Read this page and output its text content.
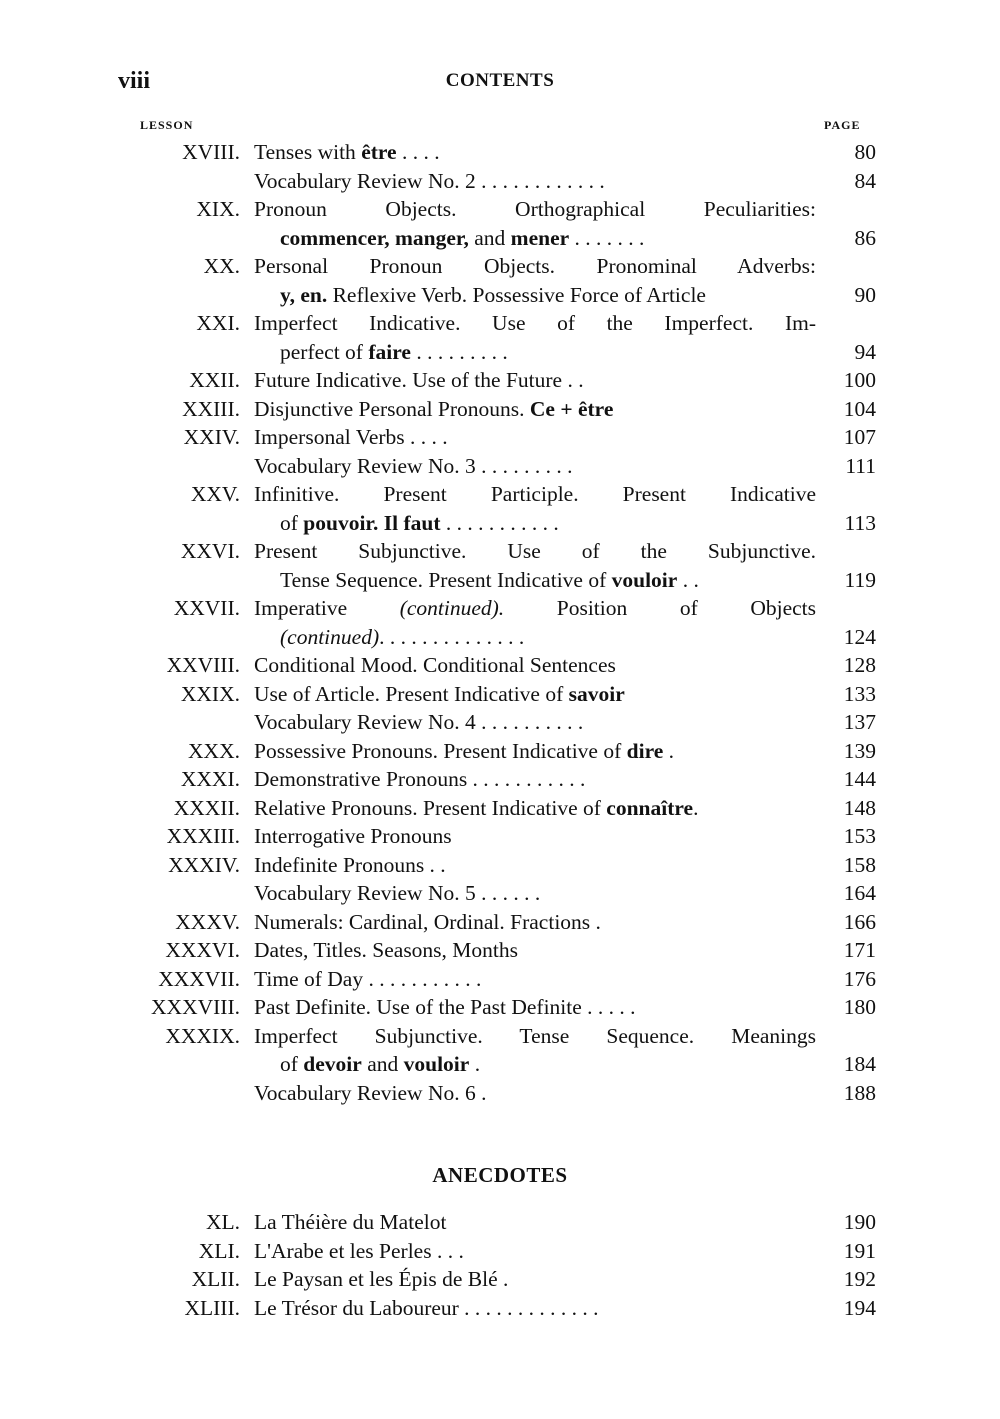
viii	CONTENTS
LESSON	PAGE
XVIII. Tenses with être . . . .	80
Vocabulary Review No. 2 . . . . . . . . . . . .	84
XIX. Pronoun Objects. Orthographical Peculiarities:
commencer, manger, and mener . . . . . . .	86
XX. Personal Pronoun Objects. Pronominal Adverbs:
y, en. Reflexive Verb. Possessive Force of Article	90
XXI. Imperfect Indicative. Use of the Imperfect. Im-
perfect of faire . . . . . . . . .	94
XXII. Future Indicative. Use of the Future . .	100
XXIII. Disjunctive Personal Pronouns. Ce + être	104
XXIV. Impersonal Verbs . . . .	107
Vocabulary Review No. 3 . . . . . . . . .	111
XXV. Infinitive. Present Participle. Present Indicative
of pouvoir. Il faut . . . . . . . . . . .	113
XXVI. Present Subjunctive. Use of the Subjunctive.
Tense Sequence. Present Indicative of vouloir . .	119
XXVII. Imperative (continued). Position of Objects
(continued). . . . . . . . . . . . . .	124
XXVIII. Conditional Mood. Conditional Sentences	128
XXIX. Use of Article. Present Indicative of savoir	133
Vocabulary Review No. 4 . . . . . . . . . .	137
XXX. Possessive Pronouns. Present Indicative of dire .	139
XXXI. Demonstrative Pronouns . . . . . . . . . . .	144
XXXII. Relative Pronouns. Present Indicative of connaître.	148
XXXIII. Interrogative Pronouns	153
XXXIV. Indefinite Pronouns . .	158
Vocabulary Review No. 5 . . . . . .	164
XXXV. Numerals: Cardinal, Ordinal. Fractions .	166
XXXVI. Dates, Titles. Seasons, Months	171
XXXVII. Time of Day . . . . . . . . . . .	176
XXXVIII. Past Definite. Use of the Past Definite . . . . .	180
XXXIX. Imperfect Subjunctive. Tense Sequence. Meanings
of devoir and vouloir .	184
Vocabulary Review No. 6 .	188
ANECDOTES
XL. La Théière du Matelot	190
XLI. L'Arabe et les Perles . . .	191
XLII. Le Paysan et les Épis de Blé .	192
XLIII. Le Trésor du Laboureur . . . . . . . . . . . . .	194
